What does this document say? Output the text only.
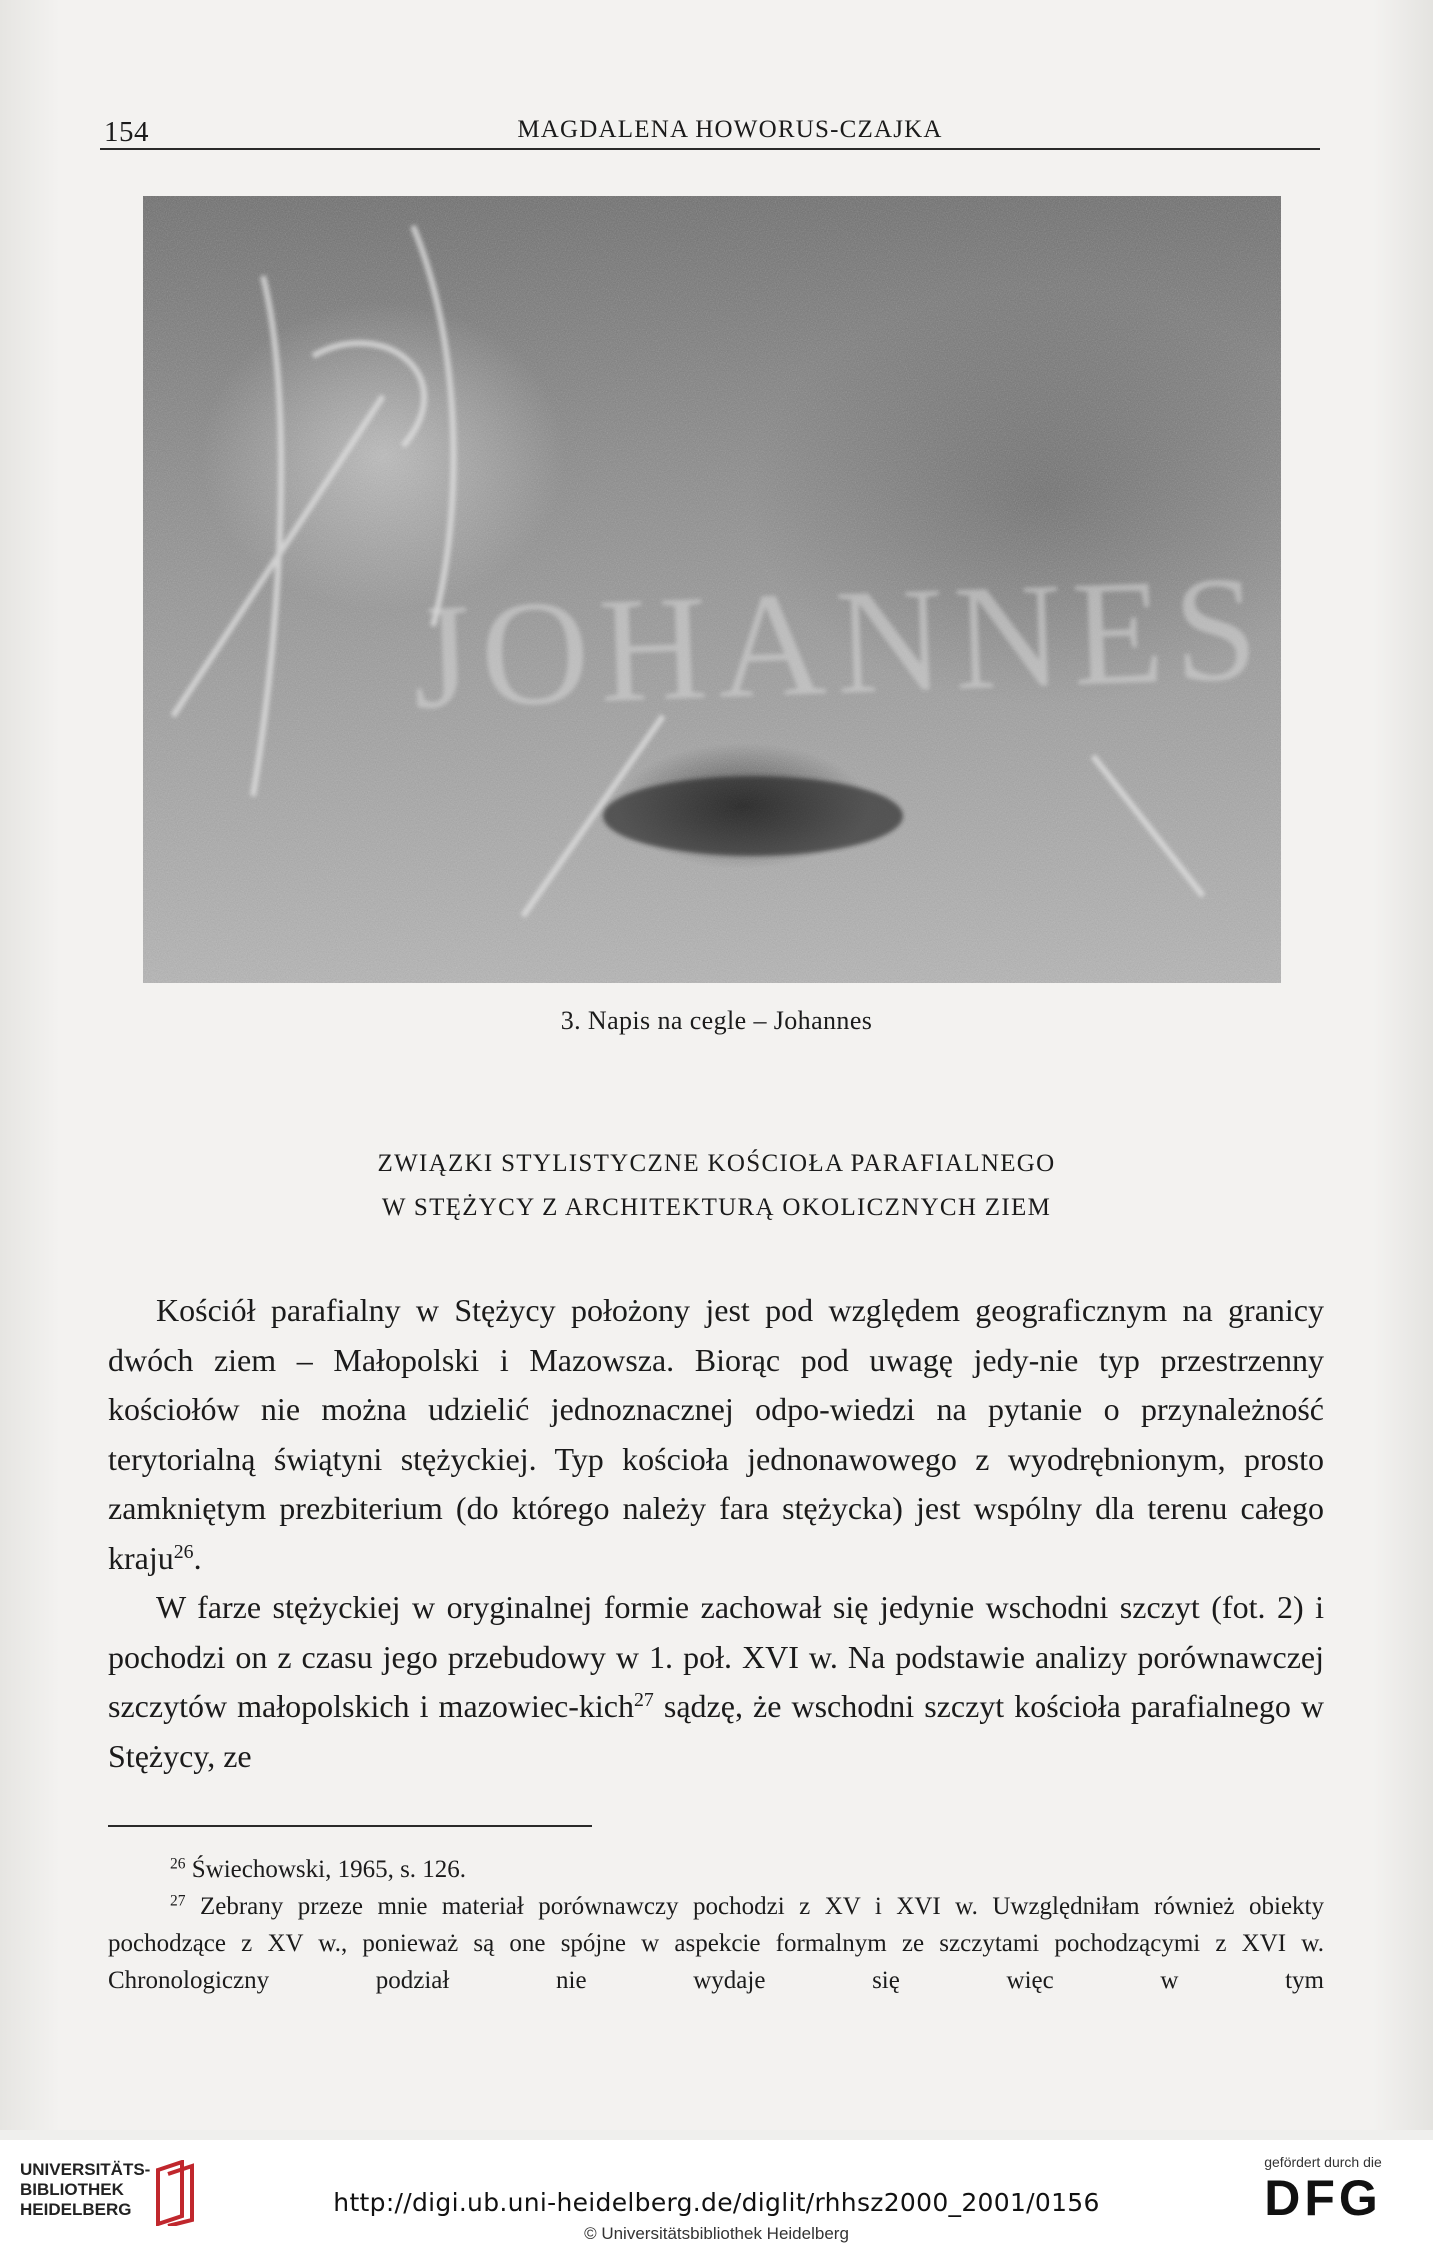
154	MAGDALENA HOWORUS-CZAJKA
JOHANNES
3. Napis na cegle – Johannes
ZWIĄZKI STYLISTYCZNE KOŚCIOŁA PARAFIALNEGO
W STĘŻYCY Z ARCHITEKTURĄ OKOLICZNYCH ZIEM

Kościół parafialny w Stężycy położony jest pod względem geograficznym na granicy dwóch ziem – Małopolski i Mazowsza. Biorąc pod uwagę jedy-nie typ przestrzenny kościołów nie można udzielić jednoznacznej odpo-wiedzi na pytanie o przynależność terytorialną świątyni stężyckiej. Typ kościoła jednonawowego z wyodrębnionym, prosto zamkniętym prezbiterium (do którego należy fara stężycka) jest wspólny dla terenu całego kraju$^{26}$.

W farze stężyckiej w oryginalnej formie zachował się jedynie wschodni szczyt (fot. 2) i pochodzi on z czasu jego przebudowy w 1. poł. XVI w. Na podstawie analizy porównawczej szczytów małopolskich i mazowiec-kich$^{27}$ sądzę, że wschodni szczyt kościoła parafialnego w Stężycy, ze

$^{26}$ Świechowski, 1965, s. 126.
$^{27}$ Zebrany przeze mnie materiał porównawczy pochodzi z XV i XVI w. Uwzględniłam również obiekty pochodzące z XV w., ponieważ są one spójne w aspekcie formalnym ze szczytami pochodzącymi z XVI w. Chronologiczny podział nie wydaje się więc w tym
UNIVERSITÄTS-
BIBLIOTHEK
HEIDELBERG	http://digi.ub.uni-heidelberg.de/diglit/rhhsz2000_2001/0156
© Universitätsbibliothek Heidelberg
gefördert durch die
DFG
